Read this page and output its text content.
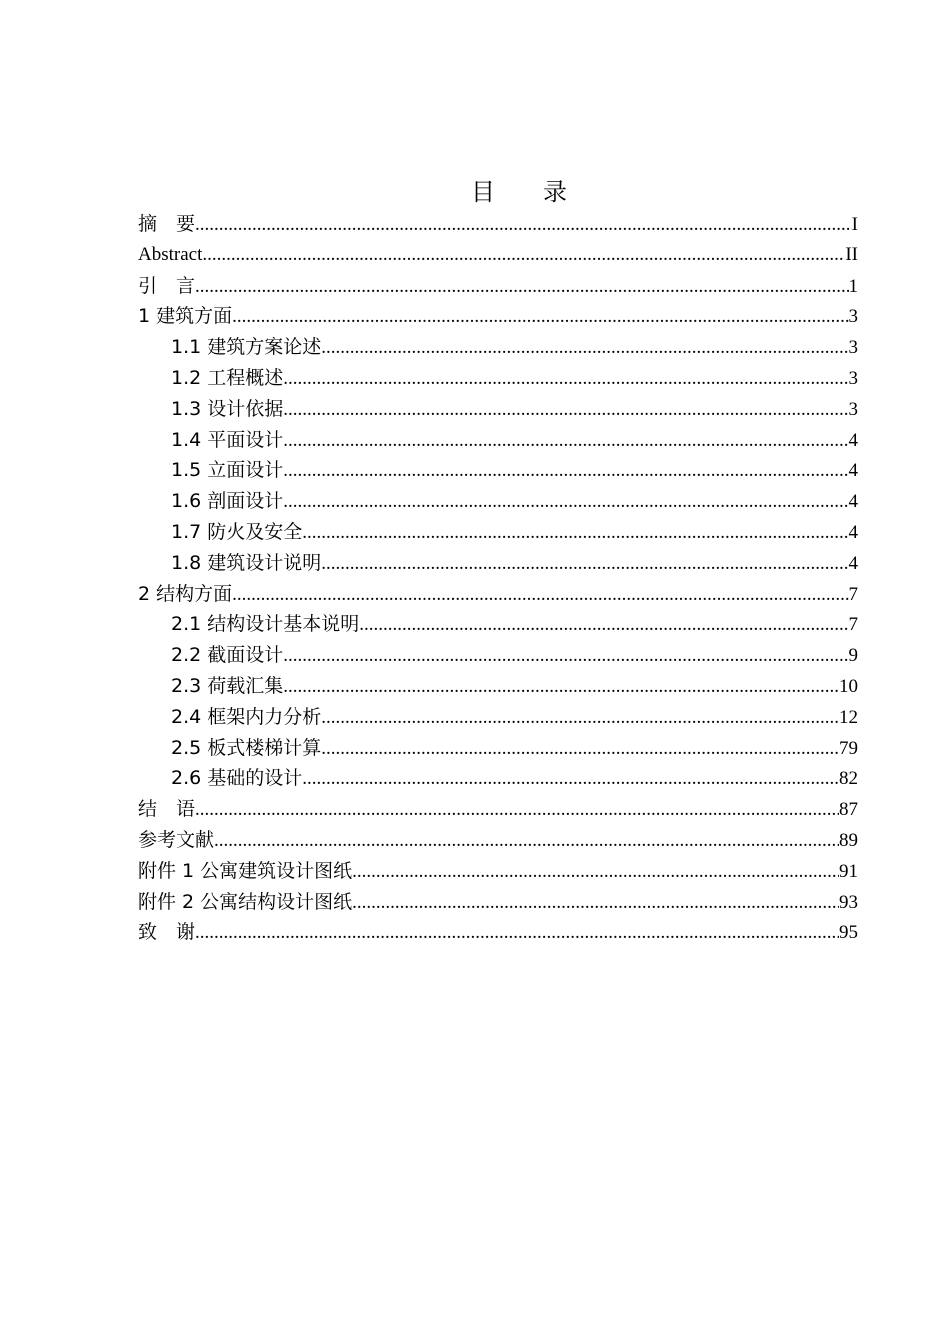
目 录
摘　要 .....	I
Abstract .....	II
引　言 .....	1
1 建筑方面 .....	3
1.1 建筑方案论述 .....	3
1.2 工程概述 .....	3
1.3 设计依据 .....	3
1.4 平面设计 .....	4
1.5 立面设计 .....	4
1.6 剖面设计 .....	4
1.7 防火及安全 .....	4
1.8 建筑设计说明 .....	4
2 结构方面 .....	7
2.1 结构设计基本说明 .....	7
2.2 截面设计 .....	9
2.3 荷载汇集 .....	10
2.4 框架内力分析 .....	12
2.5 板式楼梯计算 .....	79
2.6 基础的设计 .....	82
结　语 .....	87
参考文献 .....	89
附件 1 公寓建筑设计图纸 .....	91
附件 2 公寓结构设计图纸 .....	93
致　谢 .....	95
